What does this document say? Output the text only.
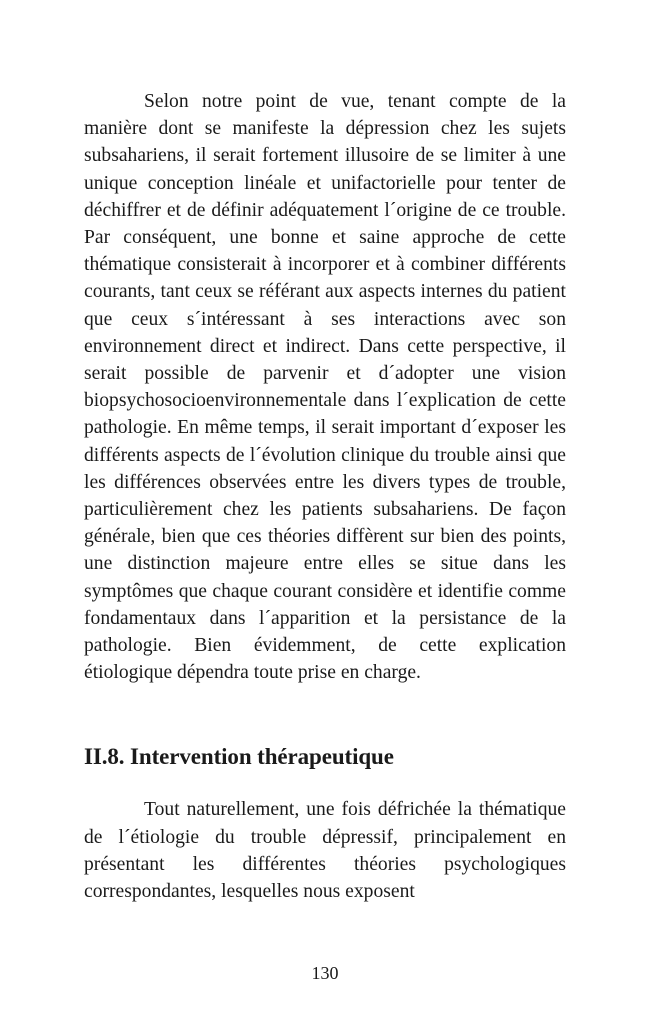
Selon notre point de vue, tenant compte de la manière dont se manifeste la dépression chez les sujets subsahariens, il serait fortement illusoire de se limiter à une unique conception linéale et unifactorielle pour tenter de déchiffrer et de définir adéquatement l´origine de ce trouble. Par conséquent, une bonne et saine approche de cette thématique consisterait à incorporer et à combiner différents courants, tant ceux se référant aux aspects internes du patient que ceux s´intéressant à ses interactions avec son environnement direct et indirect. Dans cette perspective, il serait possible de parvenir et d´adopter une vision biopsychosocioenvironnementale dans l´explication de cette pathologie. En même temps, il serait important d´exposer les différents aspects de l´évolution clinique du trouble ainsi que les différences observées entre les divers types de trouble, particulièrement chez les patients subsahariens. De façon générale, bien que ces théories diffèrent sur bien des points, une distinction majeure entre elles se situe dans les symptômes que chaque courant considère et identifie comme fondamentaux dans l´apparition et la persistance de la pathologie. Bien évidemment, de cette explication étiologique dépendra toute prise en charge.

II.8. Intervention thérapeutique

Tout naturellement, une fois défrichée la thématique de l´étiologie du trouble dépressif, principalement en présentant les différentes théories psychologiques correspondantes, lesquelles nous exposent

130
